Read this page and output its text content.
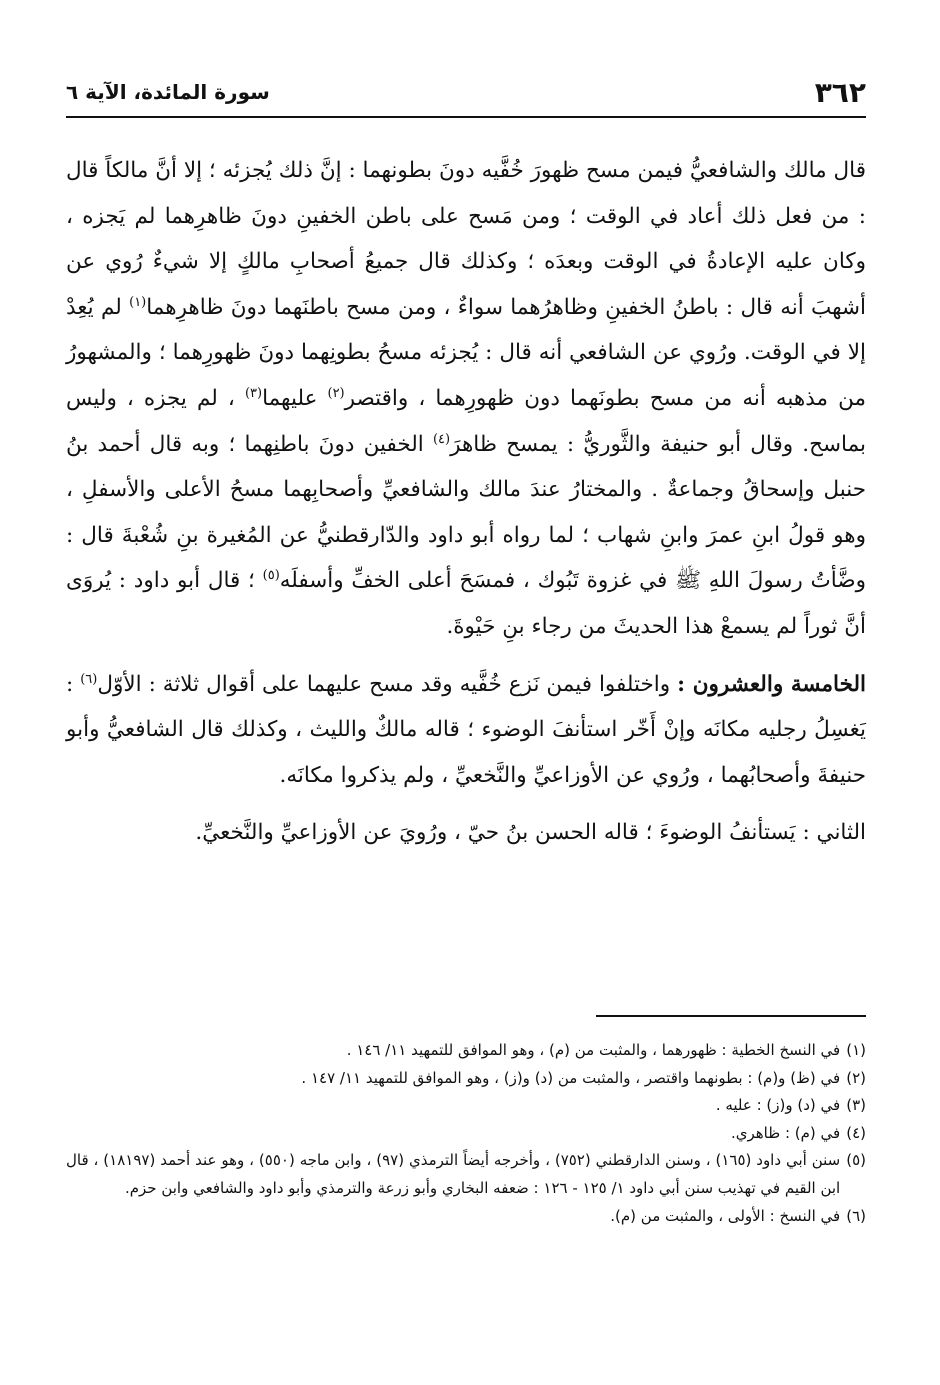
٣٦٢
سورة المائدة، الآية ٦

قال مالك والشافعيُّ فيمن مسح ظهورَ خُفَّيه دونَ بطونهما : إنَّ ذلك يُجزئه ؛ إلا أنَّ مالكاً قال : من فعل ذلك أعاد في الوقت ؛ ومن مَسح على باطن الخفينِ دونَ ظاهرِهما لم يَجزه ، وكان عليه الإعادةُ في الوقت وبعدَه ؛ وكذلك قال جميعُ أصحابِ مالكٍ إلا شيءٌ رُوي عن أشهبَ أنه قال : باطنُ الخفينِ وظاهرُهما سواءٌ ، ومن مسح باطنَهما دونَ ظاهرِهما$^{(١)}$ لم يُعِدْ إلا في الوقت. ورُوي عن الشافعي أنه قال : يُجزئه مسحُ بطونِهما دونَ ظهورِهما ؛ والمشهورُ من مذهبه أنه من مسح بطونَهما دون ظهورِهما ، واقتصر$^{(٢)}$ عليهما$^{(٣)}$ ، لم يجزه ، وليس بماسح. وقال أبو حنيفة والثَّوريُّ : يمسح ظاهرَ$^{(٤)}$ الخفين دونَ باطنِهما ؛ وبه قال أحمد بنُ حنبل وإسحاقُ وجماعةٌ . والمختارُ عندَ مالك والشافعيِّ وأصحابِهما مسحُ الأعلى والأسفلِ ، وهو قولُ ابنِ عمرَ وابنِ شهاب ؛ لما رواه أبو داود والدّارقطنيُّ عن المُغيرة بنِ شُعْبةَ قال : وضَّأتُ رسولَ اللهِ ﷺ في غزوة تَبُوك ، فمسَحَ أعلى الخفِّ وأسفلَه$^{(٥)}$ ؛ قال أبو داود : يُروَى أنَّ ثوراً لم يسمعْ هذا الحديثَ من رجاء بنِ حَيْوةَ.

الخامسة والعشرون : واختلفوا فيمن نَزع خُفَّيه وقد مسح عليهما على أقوال ثلاثة : الأوّل$^{(٦)}$ : يَغسِلُ رجليه مكانَه وإنْ أَخّر استأنفَ الوضوء ؛ قاله مالكٌ والليث ، وكذلك قال الشافعيُّ وأبو حنيفةَ وأصحابُهما ، ورُوي عن الأوزاعيِّ والنَّخعيِّ ، ولم يذكروا مكانَه.

الثاني : يَستأنفُ الوضوءَ ؛ قاله الحسن بنُ حيّ ، ورُويَ عن الأوزاعيِّ والنَّخعيِّ.

(١)
في النسخ الخطية : ظهورهما ، والمثبت من (م) ، وهو الموافق للتمهيد ١١/ ١٤٦ .

(٢)
في (ظ) و(م) : بطونهما واقتصر ، والمثبت من (د) و(ز) ، وهو الموافق للتمهيد ١١/ ١٤٧ .

(٣)
في (د) و(ز) : عليه .

(٤)
في (م) : ظاهري.

(٥)
سنن أبي داود (١٦٥) ، وسنن الدارقطني (٧٥٢) ، وأخرجه أيضاً الترمذي (٩٧) ، وابن ماجه (٥٥٠) ، وهو عند أحمد (١٨١٩٧) ، قال ابن القيم في تهذيب سنن أبي داود ١/ ١٢٥ - ١٢٦ : ضعفه البخاري وأبو زرعة والترمذي وأبو داود والشافعي وابن حزم.

(٦)
في النسخ : الأولى ، والمثبت من (م).
